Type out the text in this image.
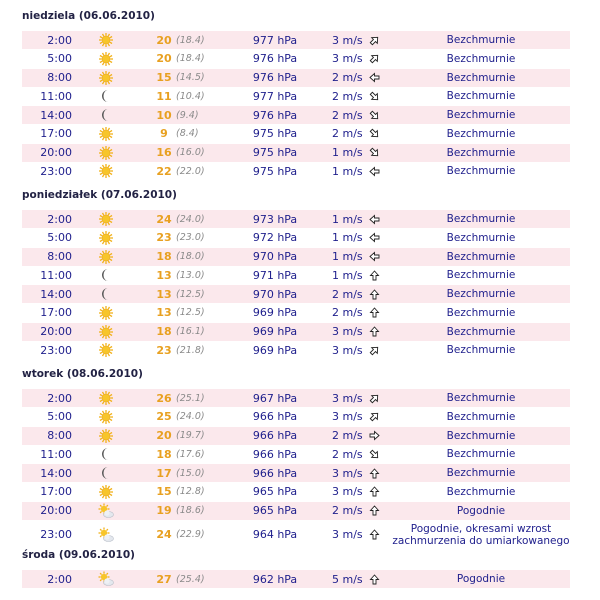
niedziela (06.06.2010)
2:00	20 (18.4)	977 hPa	3 m/s	Bezchmurnie
5:00	20 (18.4)	976 hPa	3 m/s	Bezchmurnie
8:00	15 (14.5)	976 hPa	2 m/s	Bezchmurnie
11:00	11 (10.4)	977 hPa	2 m/s	Bezchmurnie
14:00	10 (9.4)	976 hPa	2 m/s	Bezchmurnie
17:00	9 (8.4)	975 hPa	2 m/s	Bezchmurnie
20:00	16 (16.0)	975 hPa	1 m/s	Bezchmurnie
23:00	22 (22.0)	975 hPa	1 m/s	Bezchmurnie
poniedziałek (07.06.2010)
2:00	24 (24.0)	973 hPa	1 m/s	Bezchmurnie
5:00	23 (23.0)	972 hPa	1 m/s	Bezchmurnie
8:00	18 (18.0)	970 hPa	1 m/s	Bezchmurnie
11:00	13 (13.0)	971 hPa	1 m/s	Bezchmurnie
14:00	13 (12.5)	970 hPa	2 m/s	Bezchmurnie
17:00	13 (12.5)	969 hPa	2 m/s	Bezchmurnie
20:00	18 (16.1)	969 hPa	3 m/s	Bezchmurnie
23:00	23 (21.8)	969 hPa	3 m/s	Bezchmurnie
wtorek (08.06.2010)
2:00	26 (25.1)	967 hPa	3 m/s	Bezchmurnie
5:00	25 (24.0)	966 hPa	3 m/s	Bezchmurnie
8:00	20 (19.7)	966 hPa	2 m/s	Bezchmurnie
11:00	18 (17.6)	966 hPa	2 m/s	Bezchmurnie
14:00	17 (15.0)	966 hPa	3 m/s	Bezchmurnie
17:00	15 (12.8)	965 hPa	3 m/s	Bezchmurnie
20:00	19 (18.6)	965 hPa	2 m/s	Pogodnie
23:00	24 (22.9)	964 hPa	3 m/s	Pogodnie, okresami wzrost zachmurzenia do umiarkowanego
środa (09.06.2010)
2:00	27 (25.4)	962 hPa	5 m/s	Pogodnie
